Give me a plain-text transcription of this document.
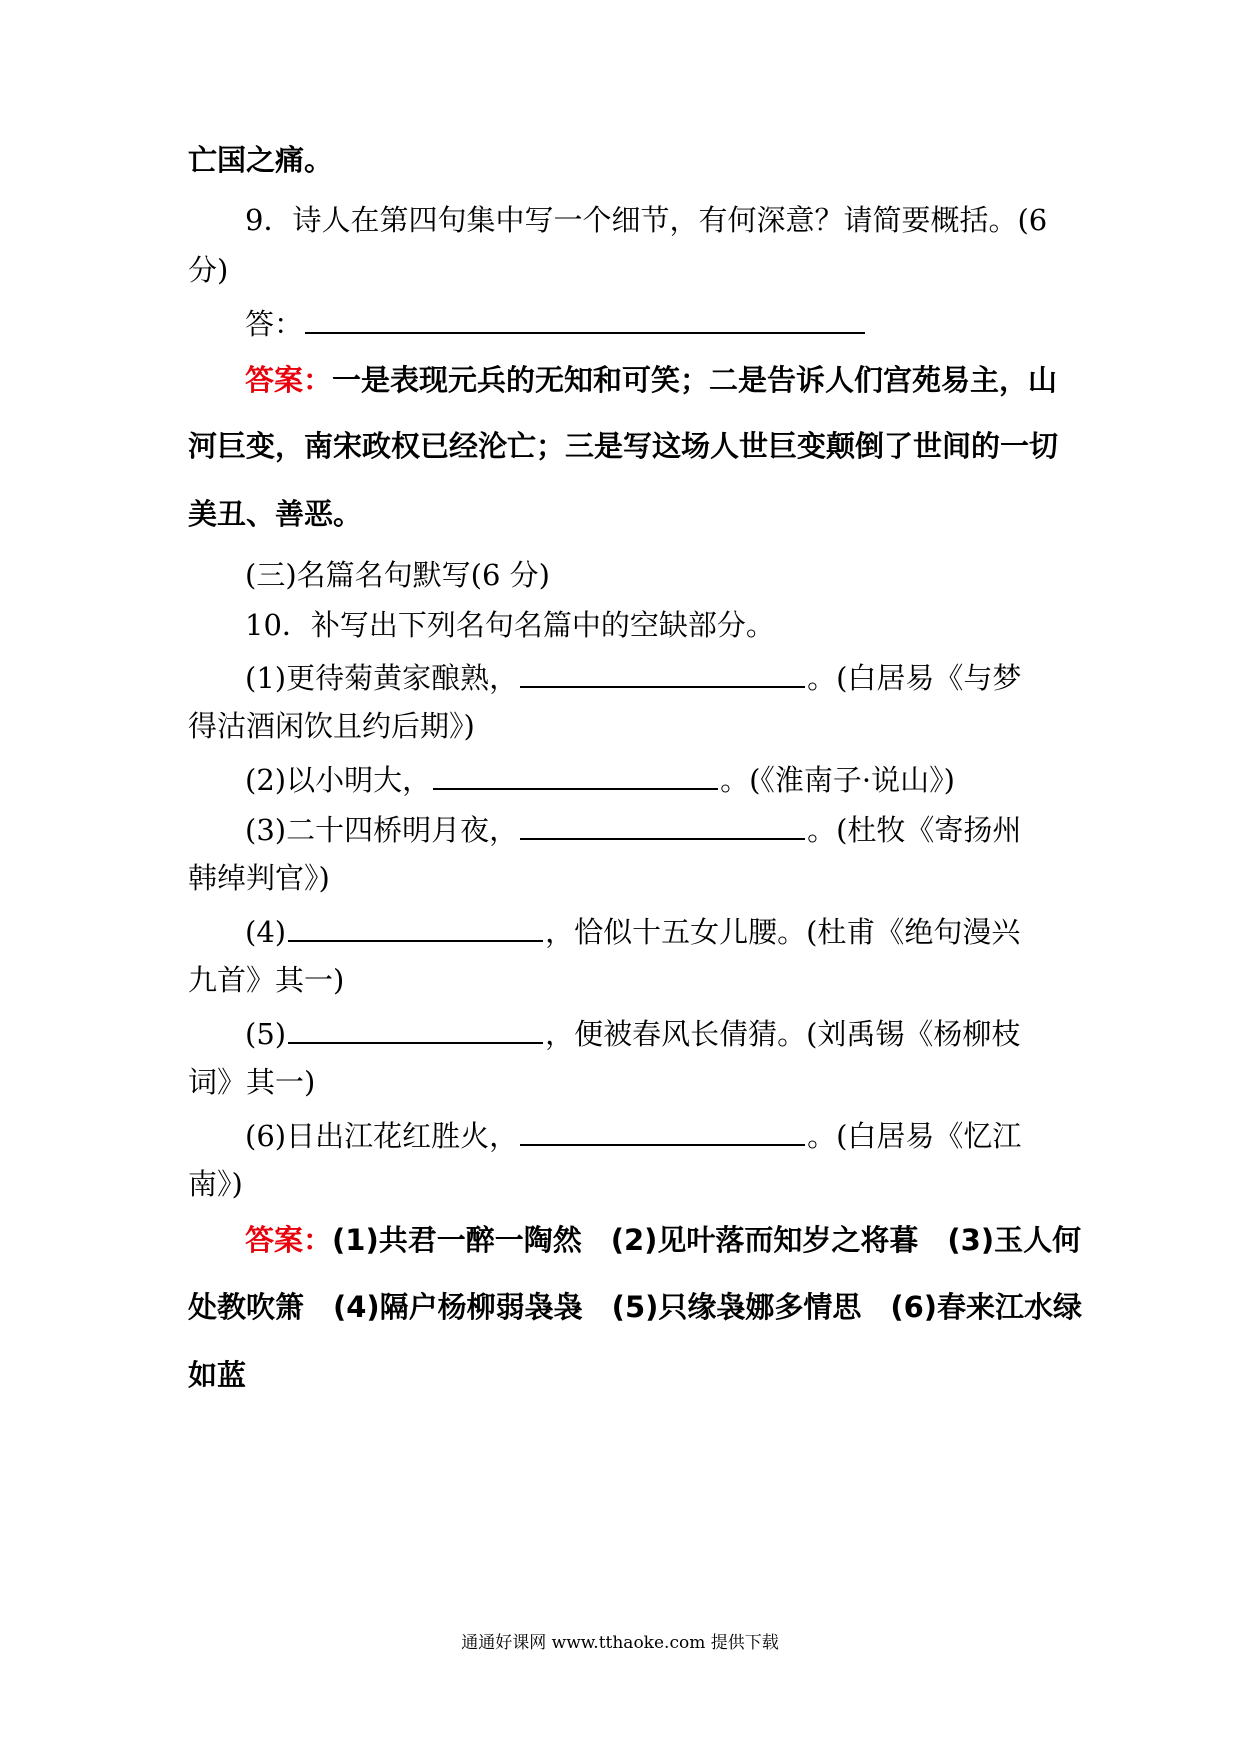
亡国之痛。
9．诗人在第四句集中写一个细节，有何深意？请简要概括。(6
分)
答：
答案：一是表现元兵的无知和可笑；二是告诉人们宫苑易主，山
河巨变，南宋政权已经沦亡；三是写这场人世巨变颠倒了世间的一切
美丑、善恶。
(三)名篇名句默写(6 分)
10．补写出下列名句名篇中的空缺部分。
(1)更待菊黄家酿熟，	。(白居易《与梦
得沽酒闲饮且约后期》)
(2)以小明大，	。(《淮南子·说山》)
(3)二十四桥明月夜，	。(杜牧《寄扬州
韩绰判官》)
(4)	，恰似十五女儿腰。(杜甫《绝句漫兴
九首》其一)
(5)	，便被春风长倩猜。(刘禹锡《杨柳枝
词》其一)
(6)日出江花红胜火，	。(白居易《忆江
南》)
答案：(1)共君一醉一陶然　(2)见叶落而知岁之将暮　(3)玉人何
处教吹箫　(4)隔户杨柳弱袅袅　(5)只缘袅娜多情思　(6)春来江水绿
如蓝
通通好课网 www.tthaoke.com 提供下载
